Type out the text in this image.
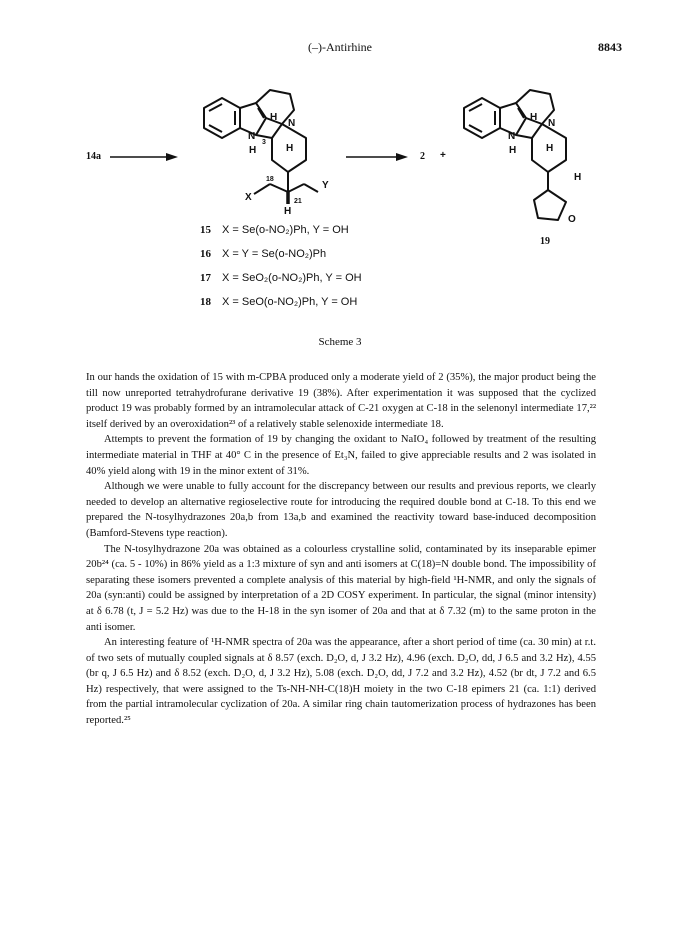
(–)-Antirhine	8843
14a	2 +
19
N
H
3
H
N
H
18
X
Y
21
H
N
H
H
N
H
H
O
15 X = Se(o-NO₂)Ph, Y = OH
16 X = Y = Se(o-NO₂)Ph
17 X = SeO₂(o-NO₂)Ph, Y = OH
18 X = SeO(o-NO₂)Ph, Y = OH
Scheme 3

In our hands the oxidation of 15 with m-CPBA produced only a moderate yield of 2 (35%), the major product being the till now unreported tetrahydrofurane derivative 19 (38%). After experimentation it was supposed that the cyclized product 19 was probably formed by an intramolecular attack of C-21 oxygen at C-18 in the selenonyl intermediate 17,²² itself derived by an overoxidation²³ of a relatively stable selenoxide intermediate 18.

Attempts to prevent the formation of 19 by changing the oxidant to NaIO₄ followed by treatment of the resulting intermediate material in THF at 40° C in the presence of Et₃N, failed to give appreciable results and 2 was isolated in 40% yield along with 19 in the minor extent of 31%.

Although we were unable to fully account for the discrepancy between our results and previous reports, we clearly needed to develop an alternative regioselective route for introducing the required double bond at C-18. To this end we prepared the N-tosylhydrazones 20a,b from 13a,b and examined the reactivity toward base-induced decomposition (Bamford-Stevens type reaction).

The N-tosylhydrazone 20a was obtained as a colourless crystalline solid, contaminated by its inseparable epimer 20b²⁴ (ca. 5 - 10%) in 86% yield as a 1:3 mixture of syn and anti isomers at C(18)=N double bond. The impossibility of separating these isomers prevented a complete analysis of this material by high-field ¹H-NMR, and only the signals of 20a (syn:anti) could be assigned by interpretation of a 2D COSY experiment. In particular, the signal (minor intensity) at δ 6.78 (t, J = 5.2 Hz) was due to the H-18 in the syn isomer of 20a and that at δ 7.32 (m) to the same proton in the anti isomer.

An interesting feature of ¹H-NMR spectra of 20a was the appearance, after a short period of time (ca. 30 min) at r.t. of two sets of mutually coupled signals at δ 8.57 (exch. D₂O, d, J 3.2 Hz), 4.96 (exch. D₂O, dd, J 6.5 and 3.2 Hz), 4.55 (br q, J 6.5 Hz) and δ 8.52 (exch. D₂O, d, J 3.2 Hz), 5.08 (exch. D₂O, dd, J 7.2 and 3.2 Hz), 4.52 (br dt, J 7.2 and 6.5 Hz) respectively, that were assigned to the Ts-NH-NH-C(18)H moiety in the two C-18 epimers 21 (ca. 1:1) derived from the partial intramolecular cyclization of 20a. A similar ring chain tautomerization process of hydrazones has been reported.²⁵
